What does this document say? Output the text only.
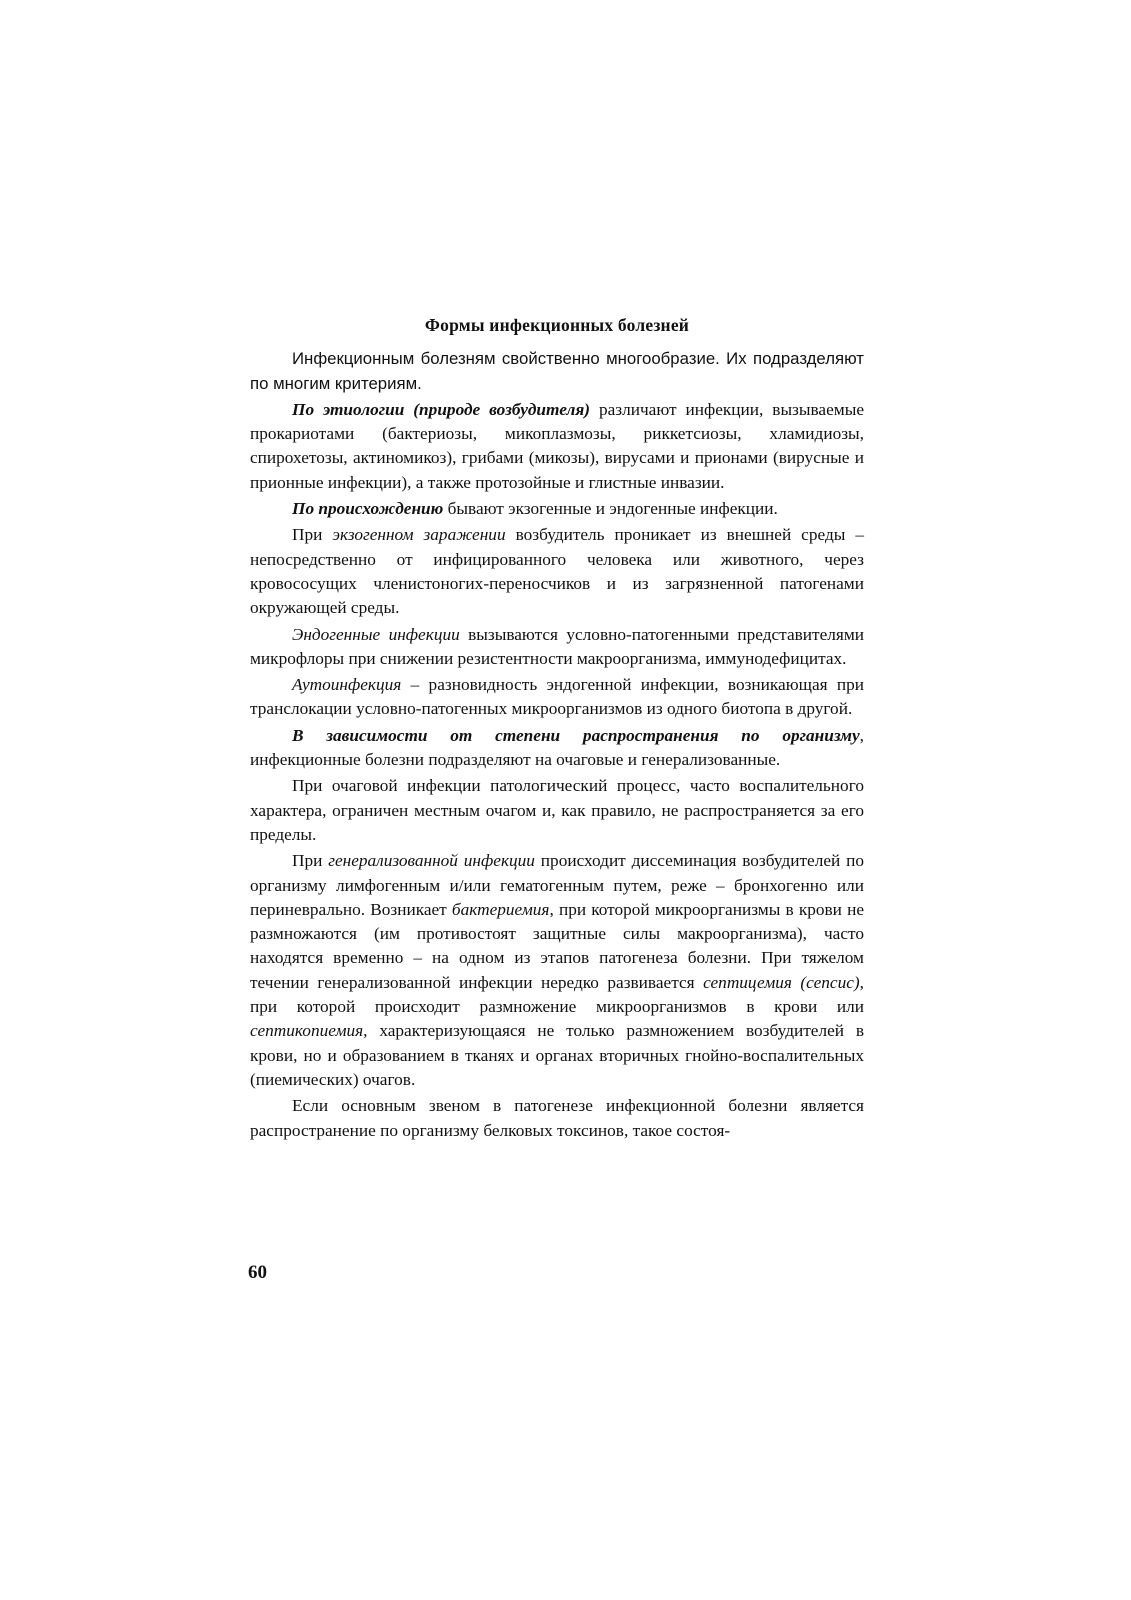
Формы инфекционных болезней

Инфекционным болезням свойственно многообразие. Их подразделяют по многим критериям.

По этиологии (природе возбудителя) различают инфекции, вызываемые прокариотами (бактериозы, микоплазмозы, риккетсиозы, хламидиозы, спирохетозы, актиномикоз), грибами (микозы), вирусами и прионами (вирусные и прионные инфекции), а также протозойные и глистные инвазии.

По происхождению бывают экзогенные и эндогенные инфекции.

При экзогенном заражении возбудитель проникает из внешней среды – непосредственно от инфицированного человека или животного, через кровососущих членистоногих-переносчиков и из загрязненной патогенами окружающей среды.

Эндогенные инфекции вызываются условно-патогенными представителями микрофлоры при снижении резистентности макроорганизма, иммунодефицитах.

Аутоинфекция – разновидность эндогенной инфекции, возникающая при транслокации условно-патогенных микроорганизмов из одного биотопа в другой.

В зависимости от степени распространения по организму, инфекционные болезни подразделяют на очаговые и генерализованные.

При очаговой инфекции патологический процесс, часто воспалительного характера, ограничен местным очагом и, как правило, не распространяется за его пределы.

При генерализованной инфекции происходит диссеминация возбудителей по организму лимфогенным и/или гематогенным путем, реже – бронхогенно или периневрально. Возникает бактериемия, при которой микроорганизмы в крови не размножаются (им противостоят защитные силы макроорганизма), часто находятся временно – на одном из этапов патогенеза болезни. При тяжелом течении генерализованной инфекции нередко развивается септицемия (сепсис), при которой происходит размножение микроорганизмов в крови или септикопиемия, характеризующаяся не только размножением возбудителей в крови, но и образованием в тканях и органах вторичных гнойно-воспалительных (пиемических) очагов.

Если основным звеном в патогенезе инфекционной болезни является распространение по организму белковых токсинов, такое состоя-

60
